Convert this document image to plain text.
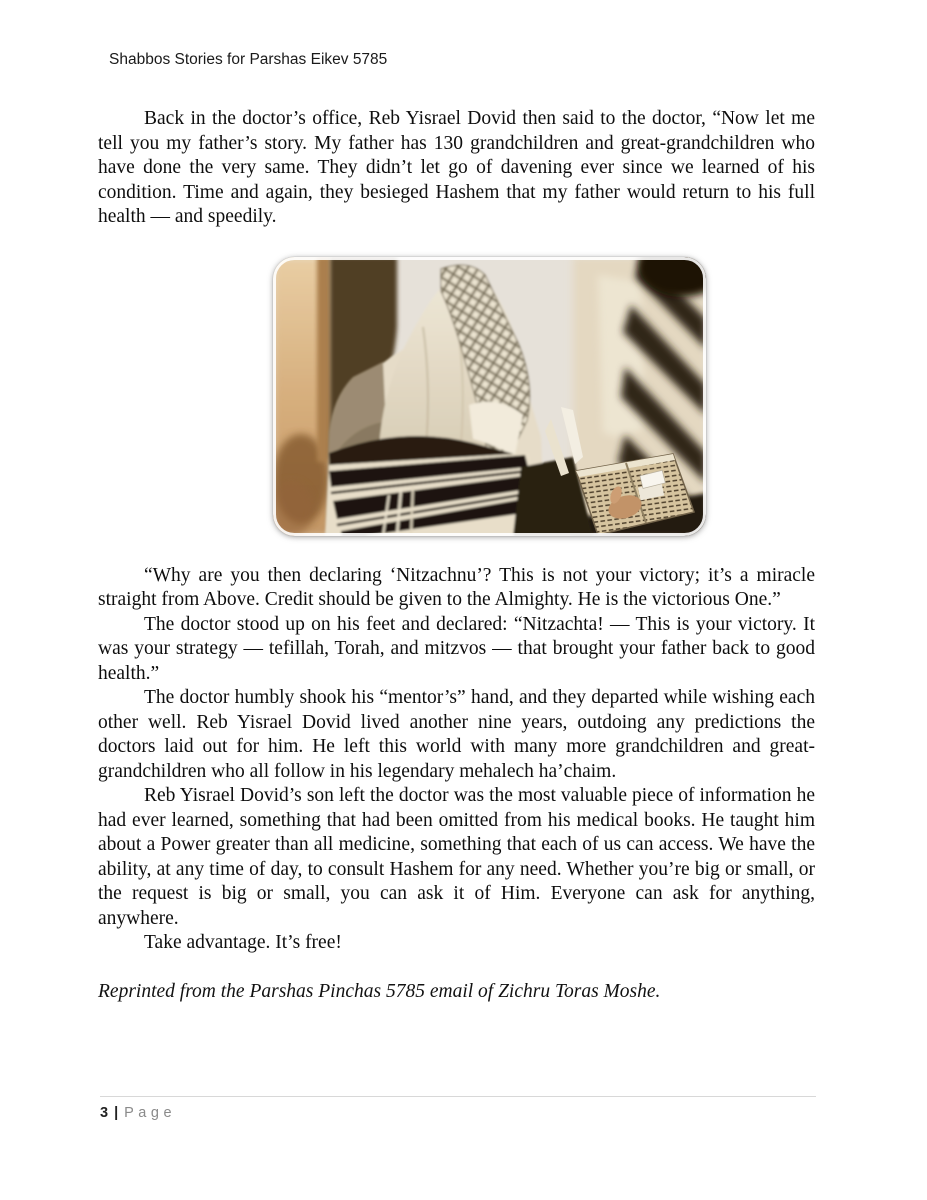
Shabbos Stories for Parshas Eikev 5785

Back in the doctor’s office, Reb Yisrael Dovid then said to the doctor, “Now let me tell you my father’s story. My father has 130 grandchildren and great-grandchildren who have done the very same. They didn’t let go of davening ever since we learned of his condition. Time and again, they besieged Hashem that my father would return to his full health — and speedily.

“Why are you then declaring ‘Nitzachnu’? This is not your victory; it’s a miracle straight from Above. Credit should be given to the Almighty. He is the victorious One.”

The doctor stood up on his feet and declared: “Nitzachta! — This is your victory. It was your strategy — tefillah, Torah, and mitzvos — that brought your father back to good health.”

The doctor humbly shook his “mentor’s” hand, and they departed while wishing each other well. Reb Yisrael Dovid lived another nine years, outdoing any predictions the doctors laid out for him. He left this world with many more grandchildren and great-grandchildren who all follow in his legendary mehalech ha’chaim.

Reb Yisrael Dovid’s son left the doctor was the most valuable piece of information he had ever learned, something that had been omitted from his medical books. He taught him about a Power greater than all medicine, something that each of us can access. We have the ability, at any time of day, to consult Hashem for any need. Whether you’re big or small, or the request is big or small, you can ask it of Him. Everyone can ask for anything, anywhere.

Take advantage. It’s free!

Reprinted from the Parshas Pinchas 5785 email of Zichru Toras Moshe.

3 | Page
